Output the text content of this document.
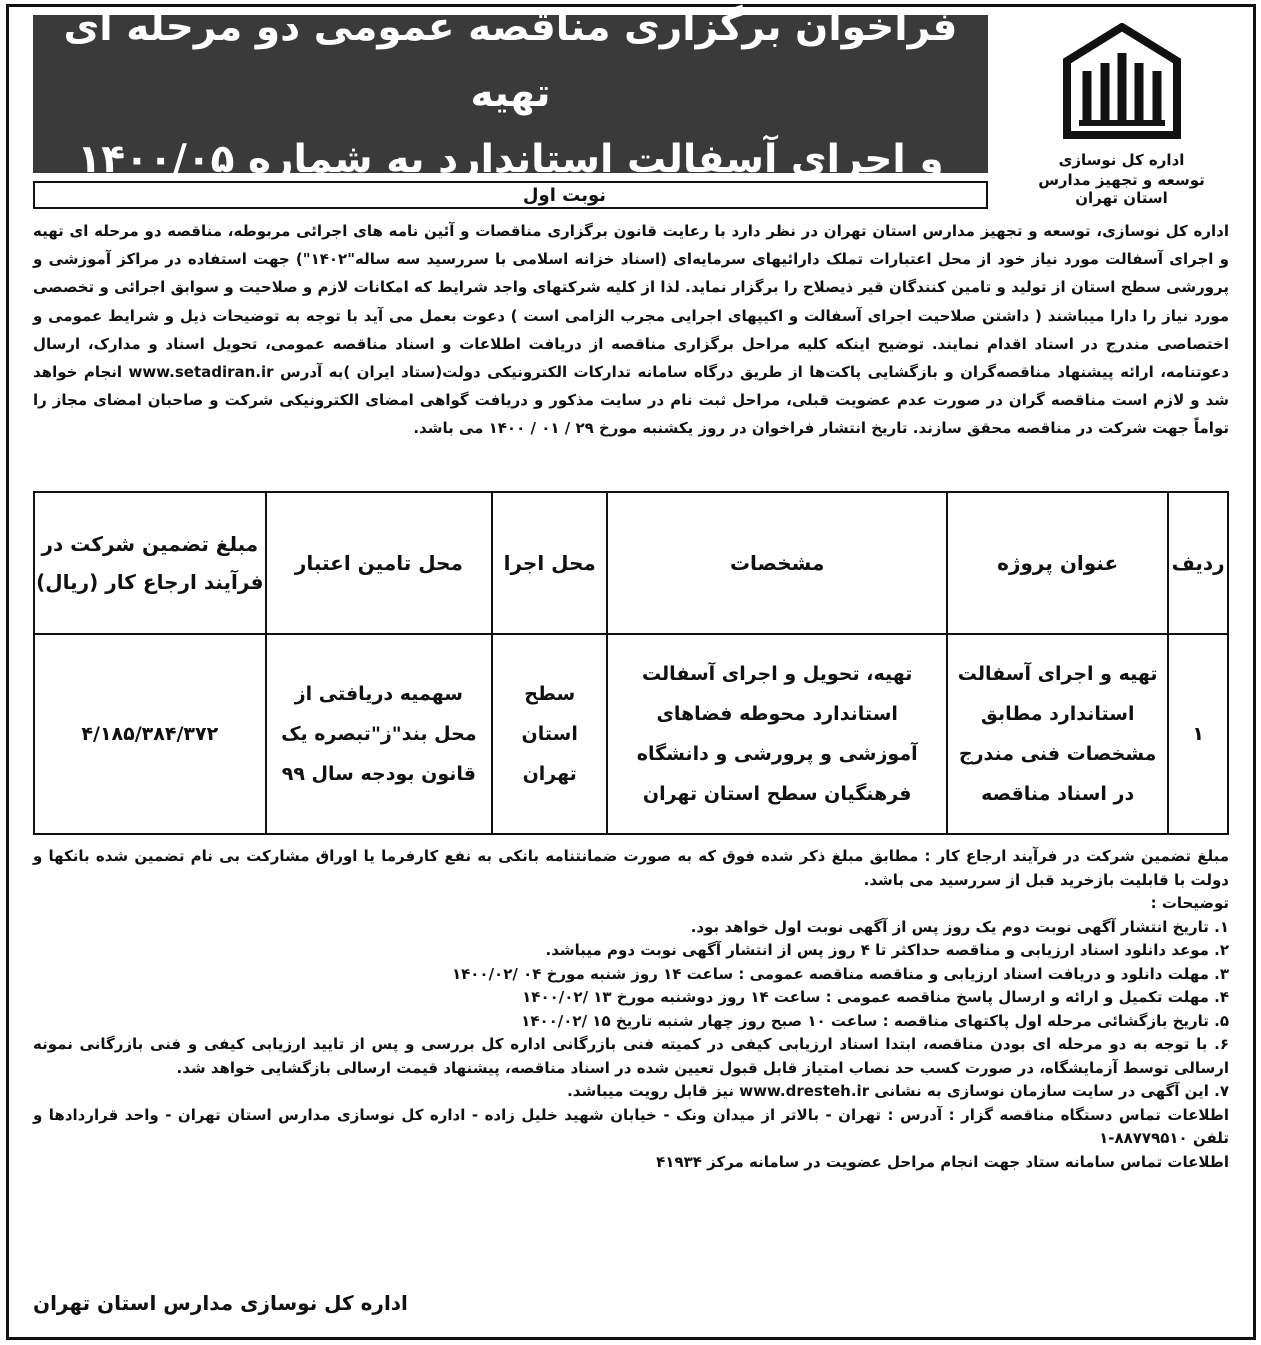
فراخوان برگزاری مناقصه عمومی دو مرحله ای تهیه
و اجرای آسفالت استاندارد به شماره ۱۴۰۰/۰۵
نوبت اول
اداره کل نوسازی
توسعه و تجهیز مدارس استان تهران

اداره کل نوسازی، توسعه و تجهیز مدارس استان تهران در نظر دارد با رعایت قانون برگزاری مناقصات و آئین نامه های اجرائی مربوطه، مناقصه دو مرحله ای تهیه و اجرای آسفالت مورد نیاز خود از محل اعتبارات تملک دارائیهای سرمایه‌ای (اسناد خزانه اسلامی با سررسید سه ساله"۱۴۰۲") جهت استفاده در مراکز آموزشی و پرورشی سطح استان از تولید و تامین کنندگان قیر ذیصلاح را برگزار نماید. لذا از کلیه شرکتهای واجد شرایط که امکانات لازم و صلاحیت و سوابق اجرائی و تخصصی مورد نیاز را دارا میباشند ( داشتن صلاحیت اجرای آسفالت و اکیپهای اجرایی مجرب الزامی است ) دعوت بعمل می آید با توجه به توضیحات ذیل و شرایط عمومی و اختصاصی مندرج در اسناد اقدام نمایند. توضیح اینکه کلیه مراحل برگزاری مناقصه از دریافت اطلاعات و اسناد مناقصه عمومی، تحویل اسناد و مدارک، ارسال دعوتنامه، ارائه پیشنهاد مناقصه‌گران و بازگشایی پاکت‌ها از طریق درگاه سامانه تدارکات الکترونیکی دولت(ستاد ایران )به آدرس www.setadiran.ir انجام خواهد شد و لازم است مناقصه گران در صورت عدم عضویت قبلی، مراحل ثبت نام در سایت مذکور و دریافت گواهی امضای الکترونیکی شرکت و صاحبان امضای مجاز را تواماً جهت شرکت در مناقصه محقق سازند. تاریخ انتشار فراخوان در روز یکشنبه مورخ ۲۹ / ۰۱ / ۱۴۰۰ می باشد.

ردیف	عنوان پروژه	مشخصات	محل اجرا	محل تامین اعتبار	مبلغ تضمین شرکت در فرآیند ارجاع کار (ریال)
۱	تهیه و اجرای آسفالت استاندارد مطابق مشخصات فنی مندرج در اسناد مناقصه	تهیه، تحویل و اجرای آسفالت استاندارد محوطه فضاهای آموزشی و پرورشی و دانشگاه فرهنگیان سطح استان تهران	سطح استان تهران	سهمیه دریافتی از محل بند"ز"تبصره یک قانون بودجه سال ۹۹	۴/۱۸۵/۳۸۴/۳۷۲

مبلغ تضمین شرکت در فرآیند ارجاع کار : مطابق مبلغ ذکر شده فوق که به صورت ضمانتنامه بانکی به نفع کارفرما یا اوراق مشارکت بی نام تضمین شده بانکها و دولت با قابلیت بازخرید قبل از سررسید می باشد.

توضیحات :

۱. تاریخ انتشار آگهی نوبت دوم یک روز پس از آگهی نوبت اول خواهد بود.

۲. موعد دانلود اسناد ارزیابی و مناقصه حداکثر تا ۴ روز پس از انتشار آگهی نوبت دوم میباشد.

۳. مهلت دانلود و دریافت اسناد ارزیابی و مناقصه مناقصه عمومی : ساعت ۱۴ روز شنبه مورخ ۰۴ /۱۴۰۰/۰۲

۴. مهلت تکمیل و ارائه و ارسال پاسخ مناقصه عمومی : ساعت ۱۴ روز دوشنبه مورخ ۱۳ /۱۴۰۰/۰۲

۵. تاریخ بازگشائی مرحله اول پاکتهای مناقصه : ساعت ۱۰ صبح روز چهار شنبه تاریخ ۱۵ /۱۴۰۰/۰۲

۶. با توجه به دو مرحله ای بودن مناقصه، ابتدا اسناد ارزیابی کیفی در کمیته فنی بازرگانی اداره کل بررسی و پس از تایید ارزیابی کیفی و فنی بازرگانی نمونه ارسالی توسط آزمایشگاه، در صورت کسب حد نصاب امتیاز قابل قبول تعیین شده در اسناد مناقصه، پیشنهاد قیمت ارسالی بازگشایی خواهد شد.

۷. این آگهی در سایت سازمان نوسازی به نشانی www.dresteh.ir نیز قابل رویت میباشد.

اطلاعات تماس دستگاه مناقصه گزار : آدرس : تهران - بالاتر از میدان ونک - خیابان شهید خلیل زاده - اداره کل نوسازی مدارس استان تهران - واحد قراردادها و تلفن ۸۸۷۷۹۵۱۰-۱

اطلاعات تماس سامانه ستاد جهت انجام مراحل عضویت در سامانه مرکز ۴۱۹۳۴

اداره کل نوسازی مدارس استان تهران
